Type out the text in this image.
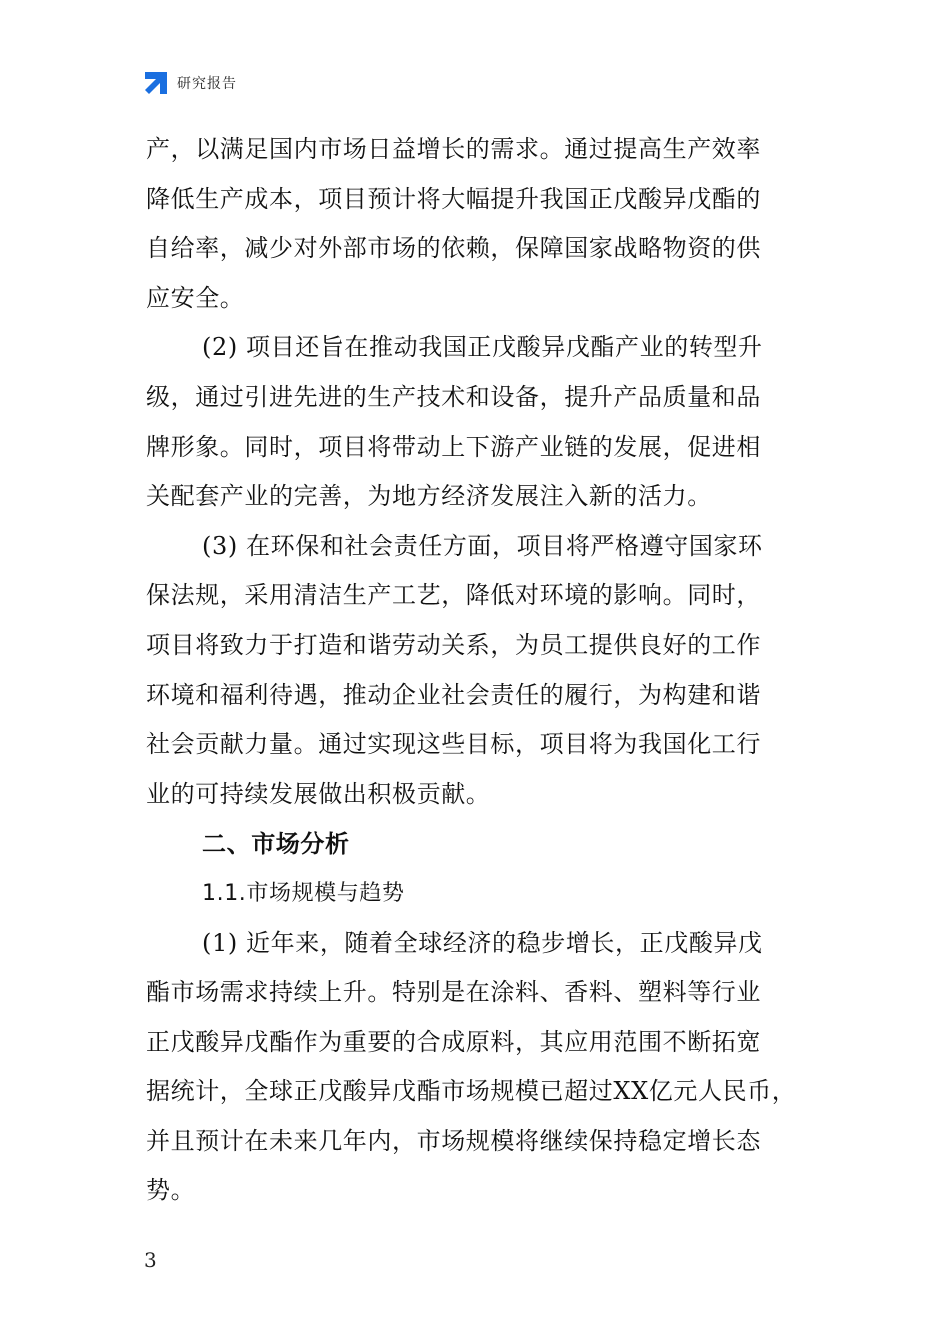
研究报告
产，以满足国内市场日益增长的需求。通过提高生产效率
降低生产成本，项目预计将大幅提升我国正戊酸异戊酯的
自给率，减少对外部市场的依赖，保障国家战略物资的供
应安全。
(2) 项目还旨在推动我国正戊酸异戊酯产业的转型升
级，通过引进先进的生产技术和设备，提升产品质量和品
牌形象。同时，项目将带动上下游产业链的发展，促进相
关配套产业的完善，为地方经济发展注入新的活力。
(3) 在环保和社会责任方面，项目将严格遵守国家环
保法规，采用清洁生产工艺，降低对环境的影响。同时，
项目将致力于打造和谐劳动关系，为员工提供良好的工作
环境和福利待遇，推动企业社会责任的履行，为构建和谐
社会贡献力量。通过实现这些目标，项目将为我国化工行
业的可持续发展做出积极贡献。
二、市场分析
1.1.市场规模与趋势
(1) 近年来，随着全球经济的稳步增长，正戊酸异戊
酯市场需求持续上升。特别是在涂料、香料、塑料等行业
正戊酸异戊酯作为重要的合成原料，其应用范围不断拓宽
据统计，全球正戊酸异戊酯市场规模已超过XX亿元人民币，
并且预计在未来几年内，市场规模将继续保持稳定增长态
势。
3
